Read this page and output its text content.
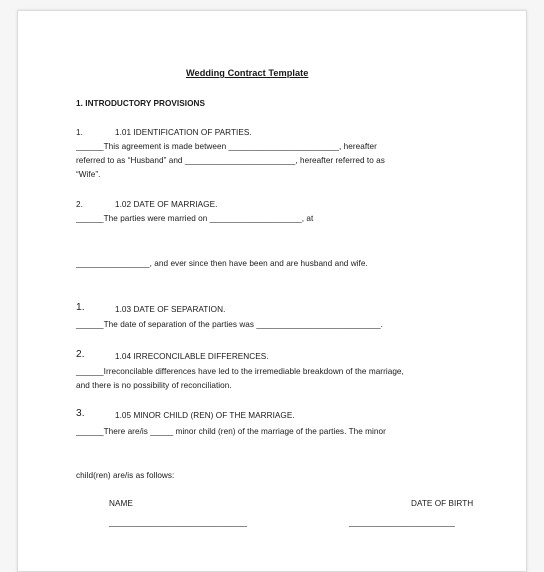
Wedding Contract Template
1. INTRODUCTORY PROVISIONS
1.	1.01 IDENTIFICATION OF PARTIES.
______This agreement is made between ________________________, hereafter
referred to as “Husband” and ________________________, hereafter referred to as
“Wife”.
2.	1.02 DATE OF MARRIAGE.
______The parties were married on ____________________, at
________________, and ever since then have been and are husband and wife.
1.	1.03 DATE OF SEPARATION.
______The date of separation of the parties was ___________________________.
2.	1.04 IRRECONCILABLE DIFFERENCES.
______Irreconcilable differences have led to the irremediable breakdown of the marriage,
and there is no possibility of reconciliation.
3.	1.05 MINOR CHILD (REN) OF THE MARRIAGE.
______There are/is _____ minor child (ren) of the marriage of the parties. The minor
child(ren) are/is as follows:
NAME	DATE OF BIRTH
______________________________	_______________________
